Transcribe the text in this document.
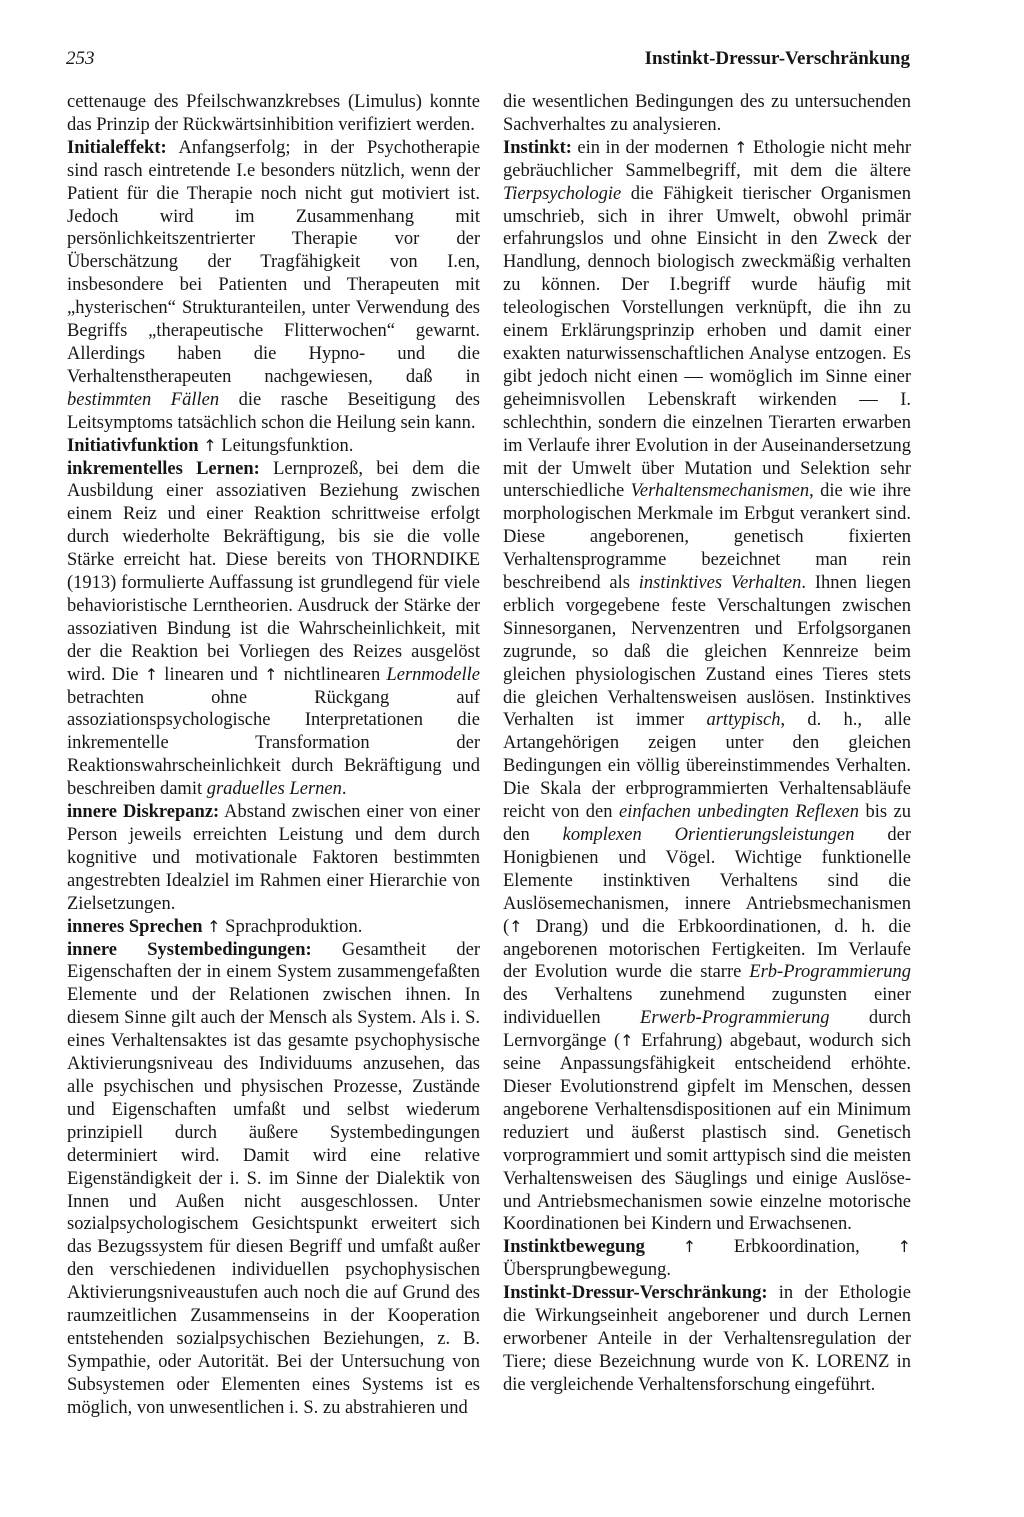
253	Instinkt-Dressur-Verschränkung

cettenauge des Pfeilschwanzkrebses (Limulus) konnte das Prinzip der Rückwärtsinhibition verifiziert werden.

Initialeffekt: Anfangserfolg; in der Psychotherapie sind rasch eintretende I.e besonders nützlich, wenn der Patient für die Therapie noch nicht gut motiviert ist. Jedoch wird im Zusammenhang mit persönlichkeitszentrierter Therapie vor der Überschätzung der Tragfähigkeit von I.en, insbesondere bei Patienten und Therapeuten mit „hysterischen“ Strukturanteilen, unter Verwendung des Begriffs „therapeutische Flitterwochen“ gewarnt. Allerdings haben die Hypno- und die Verhaltenstherapeuten nachgewiesen, daß in bestimmten Fällen die rasche Beseitigung des Leitsymptoms tatsächlich schon die Heilung sein kann.

Initiativfunktion ↑ Leitungsfunktion.

inkrementelles Lernen: Lernprozeß, bei dem die Ausbildung einer assoziativen Beziehung zwischen einem Reiz und einer Reaktion schrittweise erfolgt durch wiederholte Bekräftigung, bis sie die volle Stärke erreicht hat. Diese bereits von THORNDIKE (1913) formulierte Auffassung ist grundlegend für viele behavioristische Lerntheorien. Ausdruck der Stärke der assoziativen Bindung ist die Wahrscheinlichkeit, mit der die Reaktion bei Vorliegen des Reizes ausgelöst wird. Die ↑ linearen und ↑ nichtlinearen Lernmodelle betrachten ohne Rückgang auf assoziationspsychologische Interpretationen die inkrementelle Transformation der Reaktionswahrscheinlichkeit durch Bekräftigung und beschreiben damit graduelles Lernen.

innere Diskrepanz: Abstand zwischen einer von einer Person jeweils erreichten Leistung und dem durch kognitive und motivationale Faktoren bestimmten angestrebten Idealziel im Rahmen einer Hierarchie von Zielsetzungen.

inneres Sprechen ↑ Sprachproduktion.

innere Systembedingungen: Gesamtheit der Eigenschaften der in einem System zusammengefaßten Elemente und der Relationen zwischen ihnen. In diesem Sinne gilt auch der Mensch als System. Als i. S. eines Verhaltensaktes ist das gesamte psychophysische Aktivierungsniveau des Individuums anzusehen, das alle psychischen und physischen Prozesse, Zustände und Eigenschaften umfaßt und selbst wiederum prinzipiell durch äußere Systembedingungen determiniert wird. Damit wird eine relative Eigenständigkeit der i. S. im Sinne der Dialektik von Innen und Außen nicht ausgeschlossen. Unter sozialpsychologischem Gesichtspunkt erweitert sich das Bezugssystem für diesen Begriff und umfaßt außer den verschiedenen individuellen psychophysischen Aktivierungsniveaustufen auch noch die auf Grund des raumzeitlichen Zusammenseins in der Kooperation entstehenden sozialpsychischen Beziehungen, z. B. Sympathie, oder Autorität. Bei der Untersuchung von Subsystemen oder Elementen eines Systems ist es möglich, von unwesentlichen i. S. zu abstrahieren und

die wesentlichen Bedingungen des zu untersuchenden Sachverhaltes zu analysieren.

Instinkt: ein in der modernen ↑ Ethologie nicht mehr gebräuchlicher Sammelbegriff, mit dem die ältere Tierpsychologie die Fähigkeit tierischer Organismen umschrieb, sich in ihrer Umwelt, obwohl primär erfahrungslos und ohne Einsicht in den Zweck der Handlung, dennoch biologisch zweckmäßig verhalten zu können. Der I.begriff wurde häufig mit teleologischen Vorstellungen verknüpft, die ihn zu einem Erklärungsprinzip erhoben und damit einer exakten naturwissenschaftlichen Analyse entzogen. Es gibt jedoch nicht einen — womöglich im Sinne einer geheimnisvollen Lebenskraft wirkenden — I. schlechthin, sondern die einzelnen Tierarten erwarben im Verlaufe ihrer Evolution in der Auseinandersetzung mit der Umwelt über Mutation und Selektion sehr unterschiedliche Verhaltensmechanismen, die wie ihre morphologischen Merkmale im Erbgut verankert sind. Diese angeborenen, genetisch fixierten Verhaltensprogramme bezeichnet man rein beschreibend als instinktives Verhalten. Ihnen liegen erblich vorgegebene feste Verschaltungen zwischen Sinnesorganen, Nervenzentren und Erfolgsorganen zugrunde, so daß die gleichen Kennreize beim gleichen physiologischen Zustand eines Tieres stets die gleichen Verhaltensweisen auslösen. Instinktives Verhalten ist immer arttypisch, d. h., alle Artangehörigen zeigen unter den gleichen Bedingungen ein völlig übereinstimmendes Verhalten. Die Skala der erbprogrammierten Verhaltensabläufe reicht von den einfachen unbedingten Reflexen bis zu den komplexen Orientierungsleistungen der Honigbienen und Vögel. Wichtige funktionelle Elemente instinktiven Verhaltens sind die Auslösemechanismen, innere Antriebsmechanismen (↑ Drang) und die Erbkoordinationen, d. h. die angeborenen motorischen Fertigkeiten. Im Verlaufe der Evolution wurde die starre Erb-Programmierung des Verhaltens zunehmend zugunsten einer individuellen Erwerb-Programmierung durch Lernvorgänge (↑ Erfahrung) abgebaut, wodurch sich seine Anpassungsfähigkeit entscheidend erhöhte. Dieser Evolutionstrend gipfelt im Menschen, dessen angeborene Verhaltensdispositionen auf ein Minimum reduziert und äußerst plastisch sind. Genetisch vorprogrammiert und somit arttypisch sind die meisten Verhaltensweisen des Säuglings und einige Auslöse- und Antriebsmechanismen sowie einzelne motorische Koordinationen bei Kindern und Erwachsenen.

Instinktbewegung ↑ Erbkoordination, ↑ Übersprungbewegung.

Instinkt-Dressur-Verschränkung: in der Ethologie die Wirkungseinheit angeborener und durch Lernen erworbener Anteile in der Verhaltensregulation der Tiere; diese Bezeichnung wurde von K. LORENZ in die vergleichende Verhaltensforschung eingeführt.
